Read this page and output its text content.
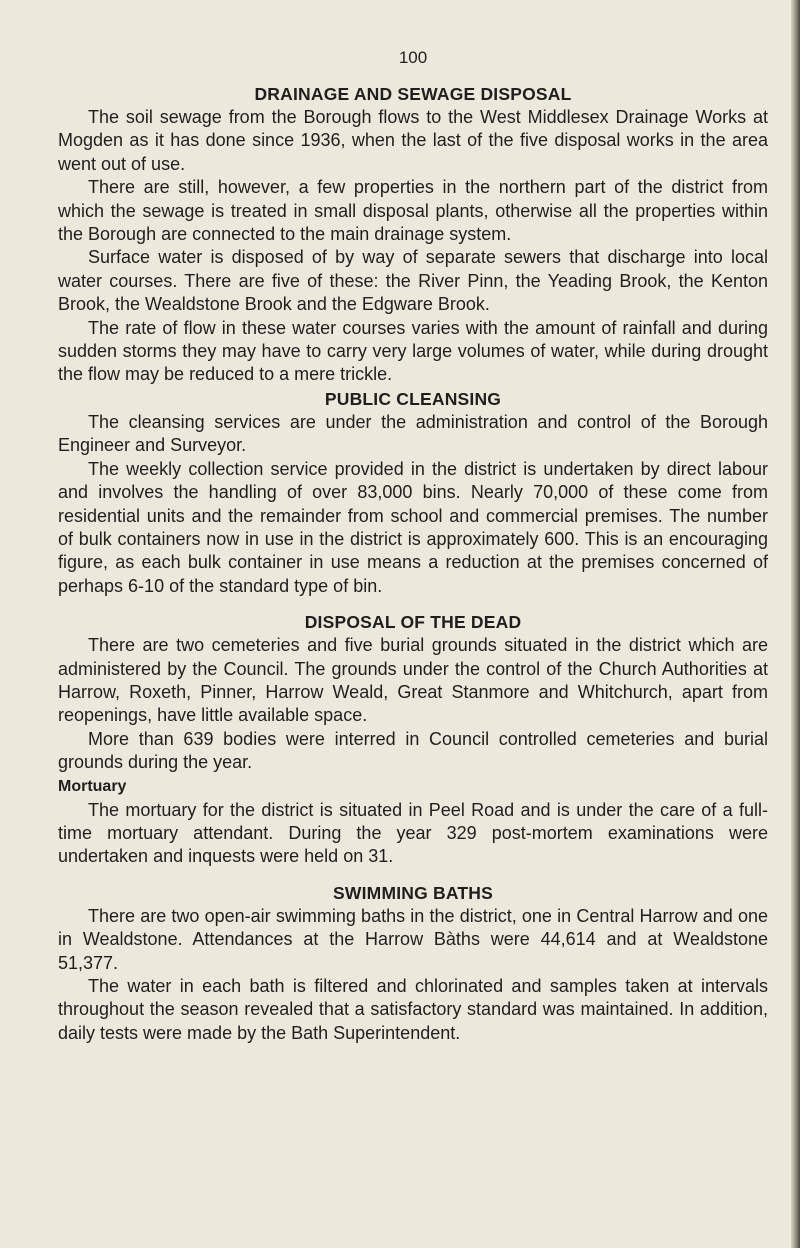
100
DRAINAGE AND SEWAGE DISPOSAL

The soil sewage from the Borough flows to the West Middlesex Drainage Works at Mogden as it has done since 1936, when the last of the five disposal works in the area went out of use.

There are still, however, a few properties in the northern part of the district from which the sewage is treated in small disposal plants, otherwise all the properties within the Borough are connected to the main drainage system.

Surface water is disposed of by way of separate sewers that discharge into local water courses. There are five of these: the River Pinn, the Yeading Brook, the Kenton Brook, the Wealdstone Brook and the Edgware Brook.

The rate of flow in these water courses varies with the amount of rainfall and during sudden storms they may have to carry very large volumes of water, while during drought the flow may be reduced to a mere trickle.

PUBLIC CLEANSING

The cleansing services are under the administration and control of the Borough Engineer and Surveyor.

The weekly collection service provided in the district is undertaken by direct labour and involves the handling of over 83,000 bins. Nearly 70,000 of these come from residential units and the remainder from school and commercial premises. The number of bulk containers now in use in the district is approximately 600. This is an encouraging figure, as each bulk container in use means a reduction at the premises concerned of perhaps 6-10 of the standard type of bin.

DISPOSAL OF THE DEAD

There are two cemeteries and five burial grounds situated in the district which are administered by the Council. The grounds under the control of the Church Authorities at Harrow, Roxeth, Pinner, Harrow Weald, Great Stanmore and Whitchurch, apart from reopenings, have little available space.

More than 639 bodies were interred in Council controlled cemeteries and burial grounds during the year.

Mortuary

The mortuary for the district is situated in Peel Road and is under the care of a full-time mortuary attendant. During the year 329 post-mortem examinations were undertaken and inquests were held on 31.

SWIMMING BATHS

There are two open-air swimming baths in the district, one in Central Harrow and one in Wealdstone. Attendances at the Harrow Bàths were 44,614 and at Wealdstone 51,377.

The water in each bath is filtered and chlorinated and samples taken at intervals throughout the season revealed that a satisfactory standard was maintained. In addition, daily tests were made by the Bath Superintendent.
